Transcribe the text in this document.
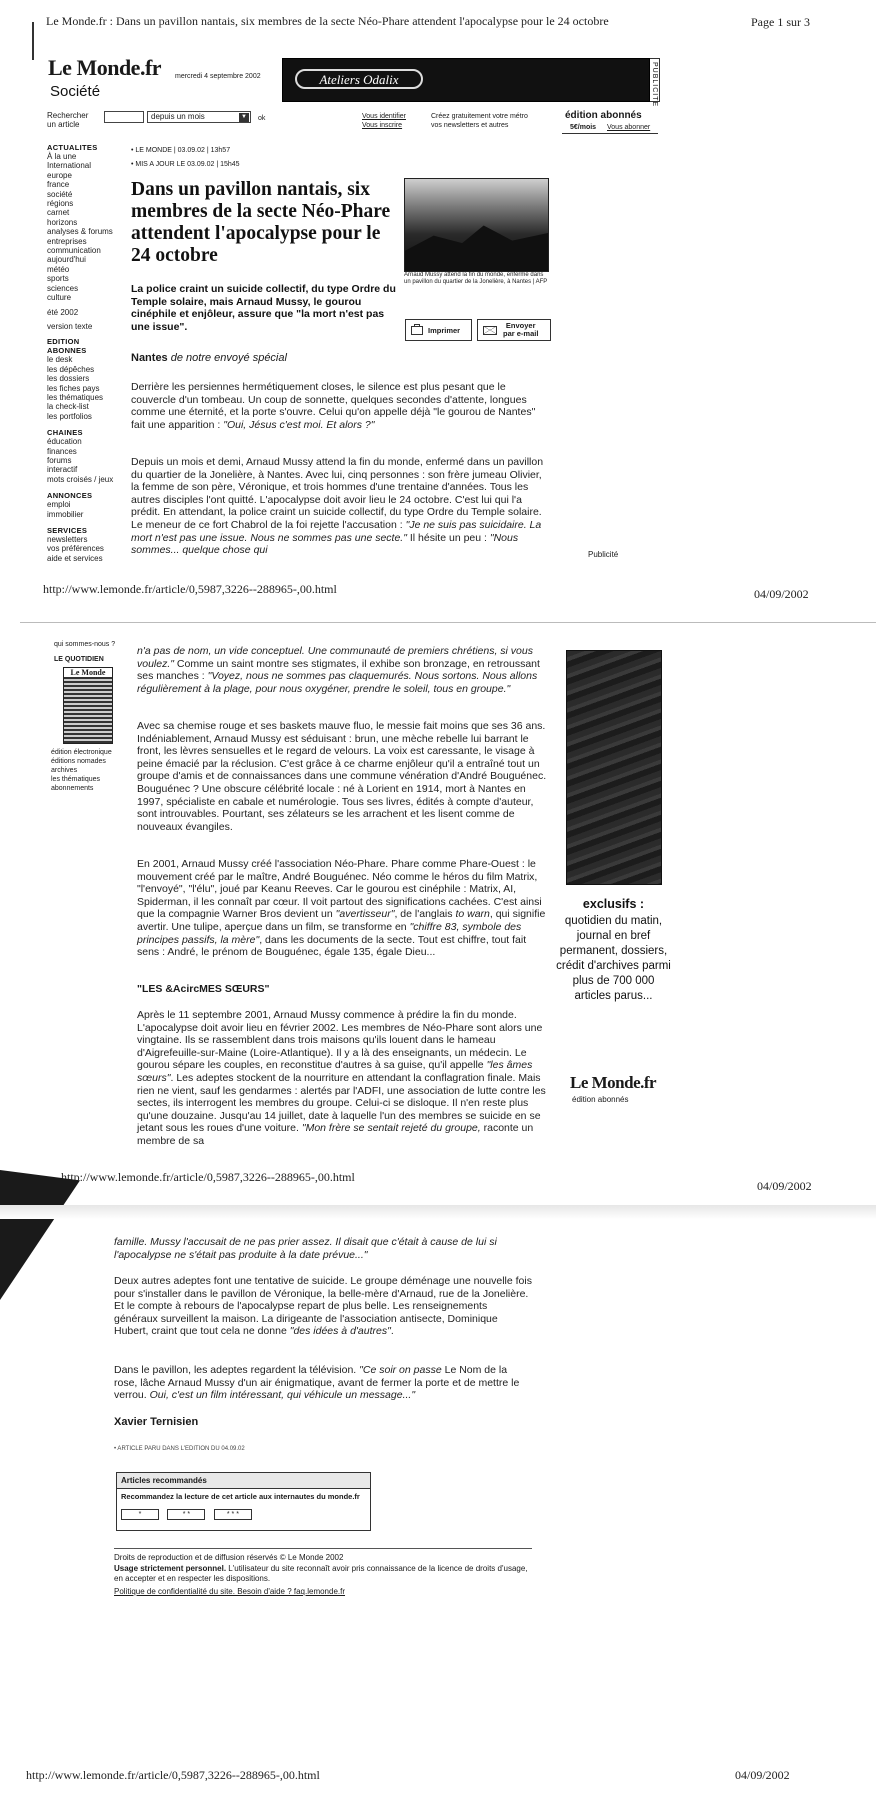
Le Monde.fr : Dans un pavillon nantais, six membres de la secte Néo-Phare attendent l'apocalypse pour le 24 octobre	Page 1 sur 3
Le Monde.fr mercredi 4 septembre 2002
Société
Ateliers Odalix	PUBLICITE
Rechercher
un article
depuis un mois	▼ ok	Vous identifier
Vous inscrire
Créez gratuitement votre métro
vos newsletters et autres
édition abonnés
5€/mois Vous abonner
ACTUALITES
À la une
International
europe
france
société
régions
carnet
horizons
analyses & forums
entreprises
communication
aujourd'hui
météo
sports
sciences
culture
été 2002
version texte
EDITION
ABONNES
le desk
les dépêches
les dossiers
les fiches pays
les thématiques
la check-list
les portfolios
CHAINES
éducation
finances
forums
interactif
mots croisés / jeux
ANNONCES
emploi
immobilier
SERVICES
newsletters
vos préférences
aide et services
• LE MONDE | 03.09.02 | 13h57
• MIS A JOUR LE 03.09.02 | 15h45
Dans un pavillon nantais, six membres de la secte Néo-Phare attendent l'apocalypse pour le 24 octobre
La police craint un suicide collectif, du type Ordre du Temple solaire, mais Arnaud Mussy, le gourou cinéphile et enjôleur, assure que "la mort n'est pas une issue".
Arnaud Mussy attend la fin du monde, enfermé dans un pavillon du quartier de la Jonelière, à Nantes | AFP
Imprimer	Envoyer
par e-mail
Nantes de notre envoyé spécial
Derrière les persiennes hermétiquement closes, le silence est plus pesant que le couvercle d'un tombeau. Un coup de sonnette, quelques secondes d'attente, longues comme une éternité, et la porte s'ouvre. Celui qu'on appelle déjà "le gourou de Nantes" fait une apparition : "Oui, Jésus c'est moi. Et alors ?"
Depuis un mois et demi, Arnaud Mussy attend la fin du monde, enfermé dans un pavillon du quartier de la Jonelière, à Nantes. Avec lui, cinq personnes : son frère jumeau Olivier, la femme de son père, Véronique, et trois hommes d'une trentaine d'années. Tous les autres disciples l'ont quitté. L'apocalypse doit avoir lieu le 24 octobre. C'est lui qui l'a prédit. En attendant, la police craint un suicide collectif, du type Ordre du Temple solaire. Le meneur de ce fort Chabrol de la foi rejette l'accusation : "Je ne suis pas suicidaire. La mort n'est pas une issue. Nous ne sommes pas une secte." Il hésite un peu : "Nous sommes... quelque chose qui	Publicité
http://www.lemonde.fr/article/0,5987,3226--288965-,00.html	04/09/2002
qui sommes-nous ?
LE QUOTIDIEN
Le Monde
édition électronique
éditions nomades
archives
les thématiques
abonnements
n'a pas de nom, un vide conceptuel. Une communauté de premiers chrétiens, si vous voulez." Comme un saint montre ses stigmates, il exhibe son bronzage, en retroussant ses manches : "Voyez, nous ne sommes pas claquemurés. Nous sortons. Nous allons régulièrement à la plage, pour nous oxygéner, prendre le soleil, tous en groupe."
Avec sa chemise rouge et ses baskets mauve fluo, le messie fait moins que ses 36 ans. Indéniablement, Arnaud Mussy est séduisant : brun, une mèche rebelle lui barrant le front, les lèvres sensuelles et le regard de velours. La voix est caressante, le visage à peine émacié par la réclusion. C'est grâce à ce charme enjôleur qu'il a entraîné tout un groupe d'amis et de connaissances dans une commune vénération d'André Bouguénec. Bouguénec ? Une obscure célébrité locale : né à Lorient en 1914, mort à Nantes en 1997, spécialiste en cabale et numérologie. Tous ses livres, édités à compte d'auteur, sont introuvables. Pourtant, ses zélateurs se les arrachent et les lisent comme de nouveaux évangiles.
En 2001, Arnaud Mussy créé l'association Néo-Phare. Phare comme Phare-Ouest : le mouvement créé par le maître, André Bouguénec. Néo comme le héros du film Matrix, "l'envoyé", "l'élu", joué par Keanu Reeves. Car le gourou est cinéphile : Matrix, AI, Spiderman, il les connaît par cœur. Il voit partout des significations cachées. C'est ainsi que la compagnie Warner Bros devient un "avertisseur", de l'anglais to warn, qui signifie avertir. Une tulipe, aperçue dans un film, se transforme en "chiffre 83, symbole des principes passifs, la mère", dans les documents de la secte. Tout est chiffre, tout fait sens : André, le prénom de Bouguénec, égale 135, égale Dieu...
"LES &AcircMES SŒURS"
Après le 11 septembre 2001, Arnaud Mussy commence à prédire la fin du monde. L'apocalypse doit avoir lieu en février 2002. Les membres de Néo-Phare sont alors une vingtaine. Ils se rassemblent dans trois maisons qu'ils louent dans le hameau d'Aigrefeuille-sur-Maine (Loire-Atlantique). Il y a là des enseignants, un médecin. Le gourou sépare les couples, en reconstitue d'autres à sa guise, qu'il appelle "les âmes sœurs". Les adeptes stockent de la nourriture en attendant la conflagration finale. Mais rien ne vient, sauf les gendarmes : alertés par l'ADFI, une association de lutte contre les sectes, ils interrogent les membres du groupe. Celui-ci se disloque. Il n'en reste plus qu'une douzaine. Jusqu'au 14 juillet, date à laquelle l'un des membres se suicide en se jetant sous les roues d'une voiture. "Mon frère se sentait rejeté du groupe, raconte un membre de sa
exclusifs :
quotidien du matin, journal en bref permanent, dossiers, crédit d'archives parmi plus de 700 000 articles parus...
Le Monde.fr
édition abonnés
http://www.lemonde.fr/article/0,5987,3226--288965-,00.html
04/09/2002
famille. Mussy l'accusait de ne pas prier assez. Il disait que c'était à cause de lui si l'apocalypse ne s'était pas produite à la date prévue..."
Deux autres adeptes font une tentative de suicide. Le groupe déménage une nouvelle fois pour s'installer dans le pavillon de Véronique, la belle-mère d'Arnaud, rue de la Jonelière. Et le compte à rebours de l'apocalypse repart de plus belle. Les renseignements généraux surveillent la maison. La dirigeante de l'association antisecte, Dominique Hubert, craint que tout cela ne donne "des idées à d'autres".
Dans le pavillon, les adeptes regardent la télévision. "Ce soir on passe Le Nom de la rose, lâche Arnaud Mussy d'un air énigmatique, avant de fermer la porte et de mettre le verrou. Oui, c'est un film intéressant, qui véhicule un message..."
Xavier Ternisien
• ARTICLE PARU DANS L'EDITION DU 04.09.02
Articles recommandés
Recommandez la lecture de cet article aux internautes du monde.fr
*	* *	* * *
Droits de reproduction et de diffusion réservés © Le Monde 2002
Usage strictement personnel. L'utilisateur du site reconnaît avoir pris connaissance de la licence de droits d'usage, en accepter et en respecter les dispositions.
Politique de confidentialité du site. Besoin d'aide ? faq.lemonde.fr
http://www.lemonde.fr/article/0,5987,3226--288965-,00.html	04/09/2002
